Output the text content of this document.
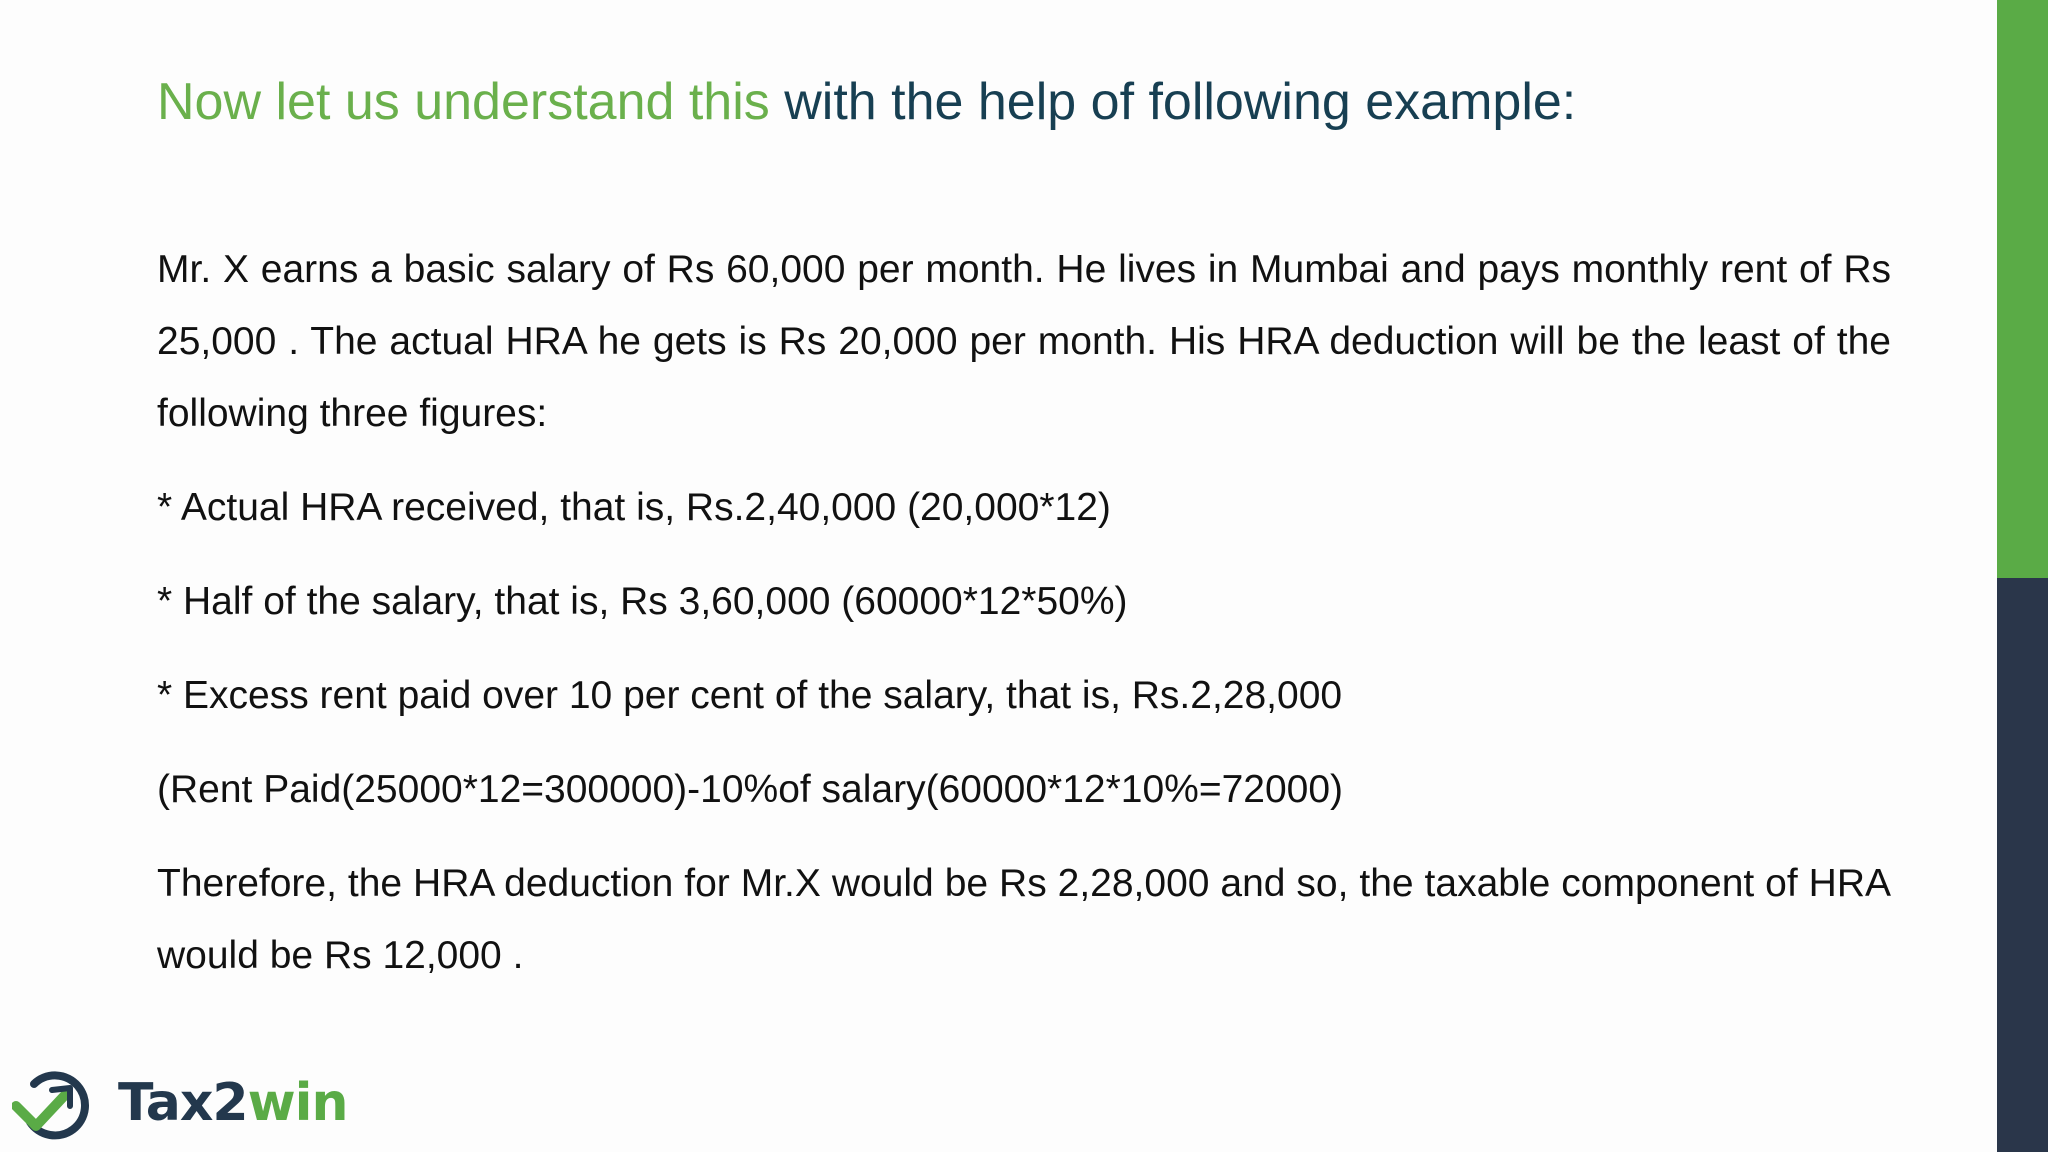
Now let us understand this with the help of following example:

Mr. X earns a basic salary of Rs 60,000 per month. He lives in Mumbai and pays monthly rent of Rs 25,000 . The actual HRA he gets is Rs 20,000 per month. His HRA deduction will be the least of the following three figures:

* Actual HRA received, that is, Rs.2,40,000 (20,000*12)

* Half of the salary, that is, Rs 3,60,000 (60000*12*50%)

* Excess rent paid over 10 per cent of the salary, that is, Rs.2,28,000

(Rent Paid(25000*12=300000)-10%of salary(60000*12*10%=72000)

Therefore, the HRA deduction for Mr.X would be Rs 2,28,000 and so, the taxable component of HRA would be Rs 12,000 .

Tax2win
